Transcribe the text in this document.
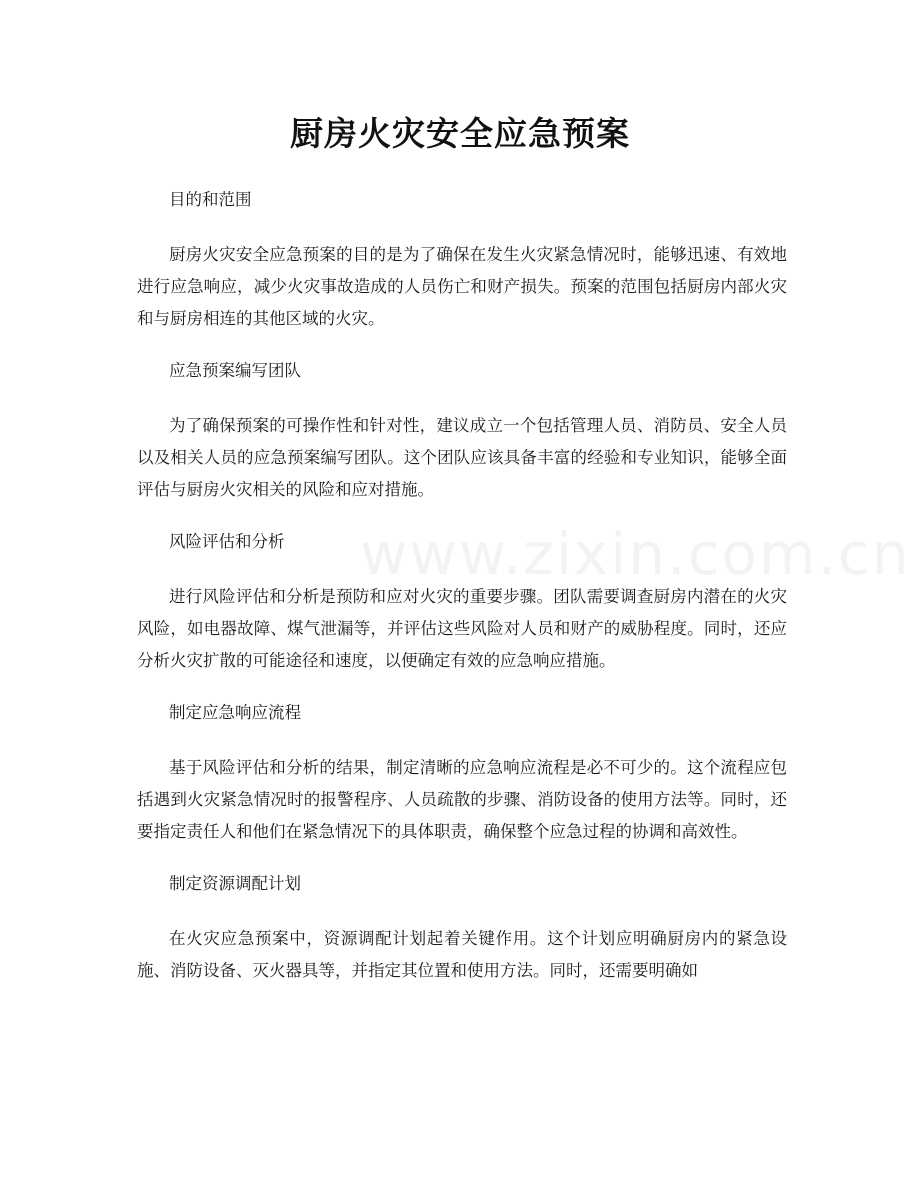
厨房火灾安全应急预案
www.zixin.com.cn

目的和范围

厨房火灾安全应急预案的目的是为了确保在发生火灾紧急情况时，能够迅速、有效地进行应急响应，减少火灾事故造成的人员伤亡和财产损失。预案的范围包括厨房内部火灾和与厨房相连的其他区域的火灾。

应急预案编写团队

为了确保预案的可操作性和针对性，建议成立一个包括管理人员、消防员、安全人员以及相关人员的应急预案编写团队。这个团队应该具备丰富的经验和专业知识，能够全面评估与厨房火灾相关的风险和应对措施。

风险评估和分析

进行风险评估和分析是预防和应对火灾的重要步骤。团队需要调查厨房内潜在的火灾风险，如电器故障、煤气泄漏等，并评估这些风险对人员和财产的威胁程度。同时，还应分析火灾扩散的可能途径和速度，以便确定有效的应急响应措施。

制定应急响应流程

基于风险评估和分析的结果，制定清晰的应急响应流程是必不可少的。这个流程应包括遇到火灾紧急情况时的报警程序、人员疏散的步骤、消防设备的使用方法等。同时，还要指定责任人和他们在紧急情况下的具体职责，确保整个应急过程的协调和高效性。

制定资源调配计划

在火灾应急预案中，资源调配计划起着关键作用。这个计划应明确厨房内的紧急设施、消防设备、灭火器具等，并指定其位置和使用方法。同时，还需要明确如
